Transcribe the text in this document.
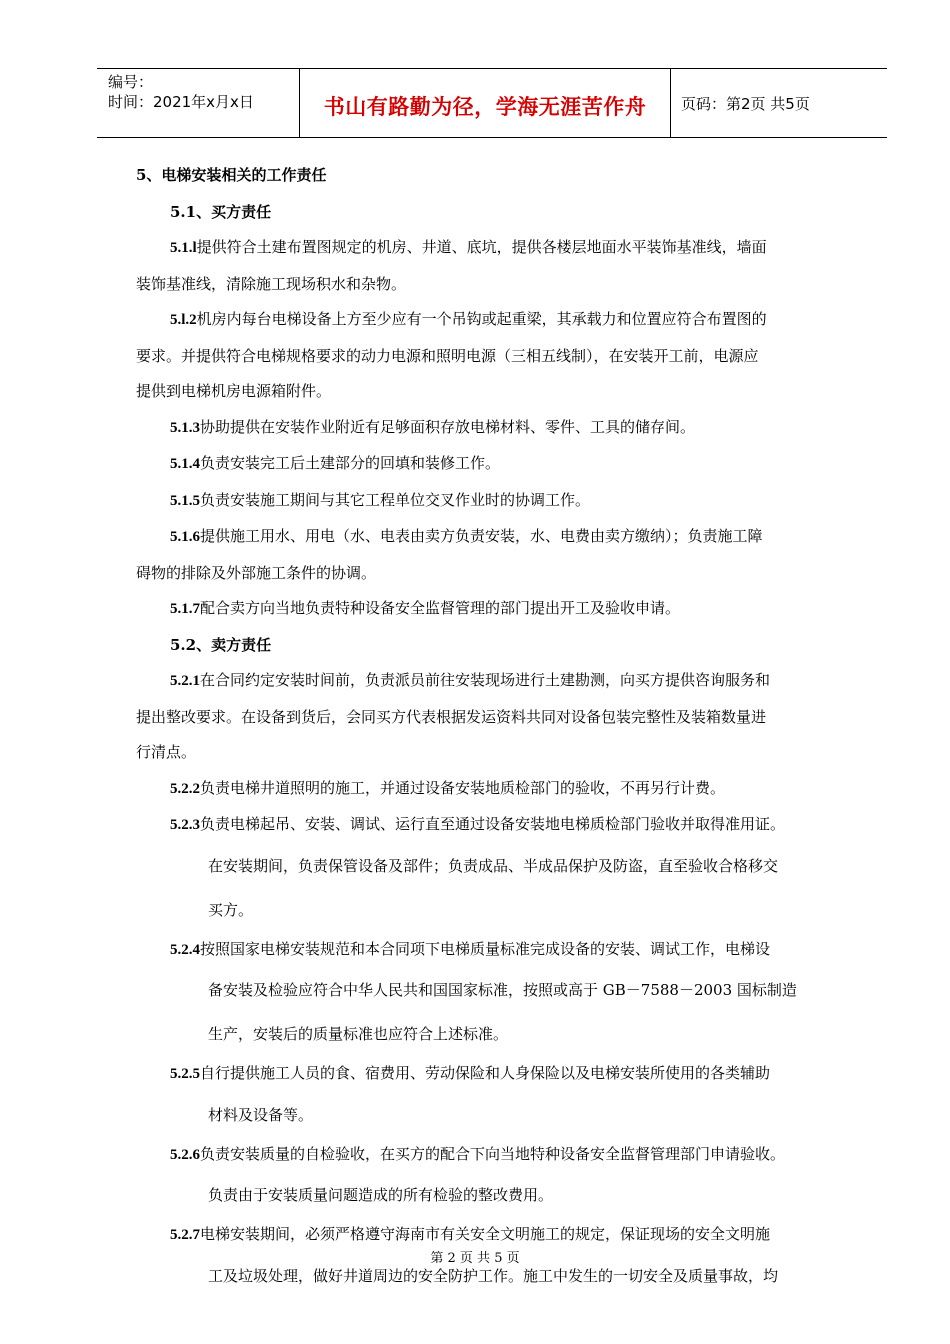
编号：
时间：2021年x月x日	书山有路勤为径，学海无涯苦作舟	页码：第2页 共5页

5、电梯安装相关的工作责任

5.1、买方责任

5.1.l提供符合土建布置图规定的机房、井道、底坑，提供各楼层地面水平装饰基准线，墙面

装饰基准线，清除施工现场积水和杂物。

5.l.2机房内每台电梯设备上方至少应有一个吊钩或起重梁，其承载力和位置应符合布置图的

要求。并提供符合电梯规格要求的动力电源和照明电源（三相五线制），在安装开工前，电源应

提供到电梯机房电源箱附件。

5.1.3协助提供在安装作业附近有足够面积存放电梯材料、零件、工具的储存间。

5.1.4负责安装完工后土建部分的回填和装修工作。

5.1.5负责安装施工期间与其它工程单位交叉作业时的协调工作。

5.1.6提供施工用水、用电（水、电表由卖方负责安装，水、电费由卖方缴纳）；负责施工障

碍物的排除及外部施工条件的协调。

5.1.7配合卖方向当地负责特种设备安全监督管理的部门提出开工及验收申请。

5.2、卖方责任

5.2.1在合同约定安装时间前，负责派员前往安装现场进行土建勘测，向买方提供咨询服务和

提出整改要求。在设备到货后，会同买方代表根据发运资料共同对设备包装完整性及装箱数量进

行清点。

5.2.2负责电梯井道照明的施工，并通过设备安装地质检部门的验收，不再另行计费。

5.2.3负责电梯起吊、安装、调试、运行直至通过设备安装地电梯质检部门验收并取得准用证。

在安装期间，负责保管设备及部件；负责成品、半成品保护及防盗，直至验收合格移交

买方。

5.2.4按照国家电梯安装规范和本合同项下电梯质量标准完成设备的安装、调试工作，电梯设

备安装及检验应符合中华人民共和国国家标准，按照或高于 GB－7588－2003 国标制造

生产，安装后的质量标准也应符合上述标准。

5.2.5自行提供施工人员的食、宿费用、劳动保险和人身保险以及电梯安装所使用的各类辅助

材料及设备等。

5.2.6负责安装质量的自检验收，在买方的配合下向当地特种设备安全监督管理部门申请验收。

负责由于安装质量问题造成的所有检验的整改费用。

5.2.7电梯安装期间，必须严格遵守海南市有关安全文明施工的规定，保证现场的安全文明施

工及垃圾处理，做好井道周边的安全防护工作。施工中发生的一切安全及质量事故，均

第 2 页 共 5 页
